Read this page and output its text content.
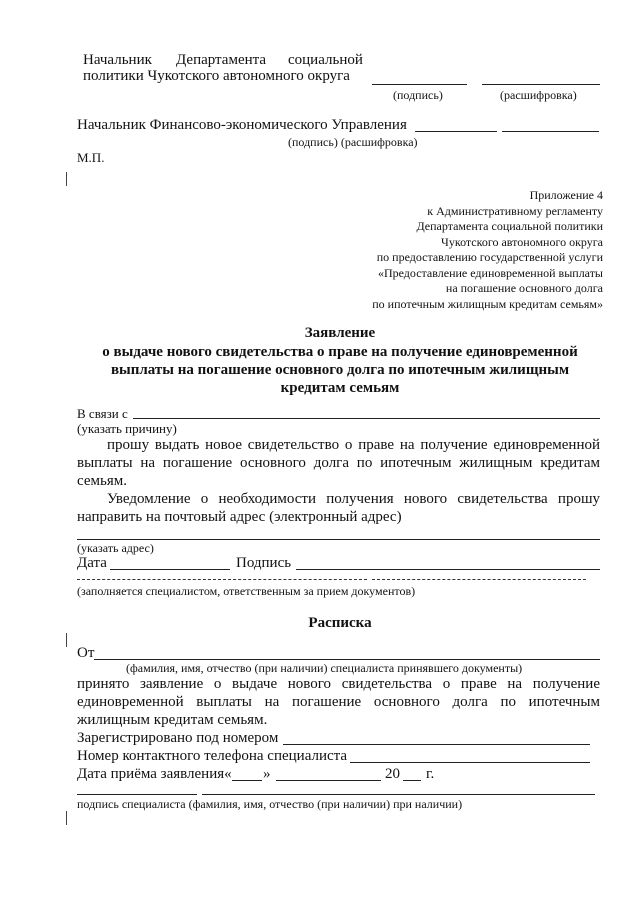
Начальник Департамента социальной
политики Чукотского автономного округа
(подпись)	(расшифровка)
Начальник Финансово-экономического Управления
(подпись) (расшифровка)
М.П.
Приложение 4
к Административному регламенту
Департамента социальной политики
Чукотского автономного округа
по предоставлению государственной услуги
«Предоставление единовременной выплаты
на погашение основного долга
по ипотечным жилищным кредитам семьям»
Заявление
о выдаче нового свидетельства о праве на получение единовременной
выплаты на погашение основного долга по ипотечным жилищным
кредитам семьям
В связи с
(указать причину)
прошу выдать новое свидетельство о праве на получение единовременной
выплаты на погашение основного долга по ипотечным жилищным кредитам
семьям.
Уведомление о необходимости получения нового свидетельства прошу
направить на почтовый адрес (электронный адрес)
(указать адрес)
Дата	Подпись
(заполняется специалистом, ответственным за прием документов)
Расписка
От
(фамилия, имя, отчество (при наличии) специалиста принявшего документы)
принято заявление о выдаче нового свидетельства о праве на получение
единовременной выплаты на погашение основного долга по ипотечным
жилищным кредитам семьям.
Зарегистрировано под номером
Номер контактного телефона специалиста
Дата приёма заявления« »	20 г.
подпись специалиста (фамилия, имя, отчество (при наличии) при наличии)
